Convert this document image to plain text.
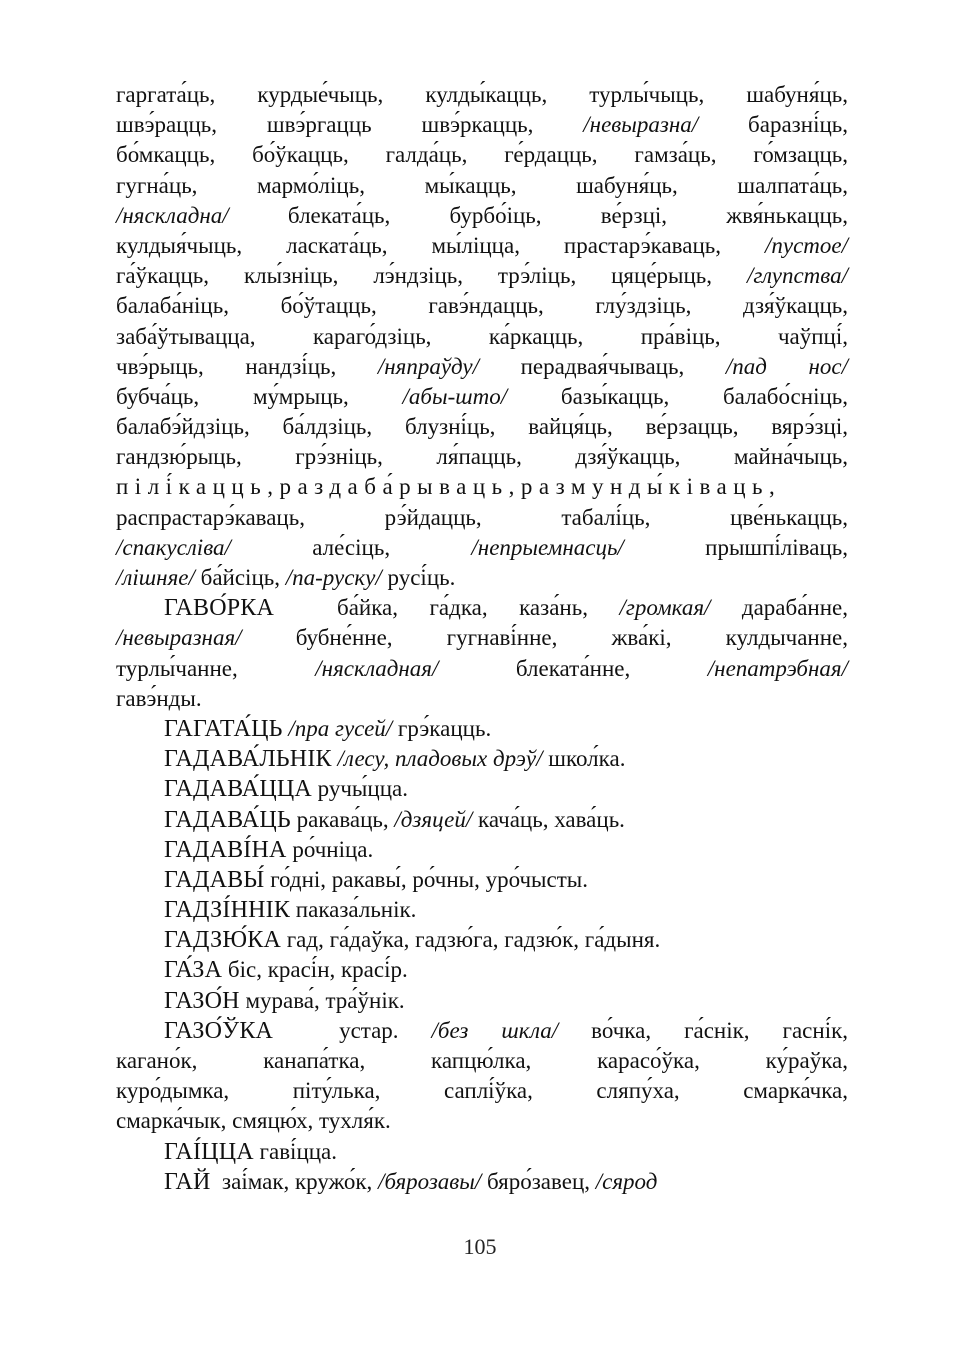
гаргата́ць, курдые́чыць, кулды́кацць, турлы́чыць, шабуня́ць,
швэ́рацць, швэ́ргацць швэ́ркацць, /невыразна/ баразні́ць,
бо́мкацць, бо́ўкацць, галда́ць, ге́рдацць, гамза́ць, го́мзацць,
гугна́ць, мармо́ліць, мы́кацць, шабуня́ць, шалпата́ць,
/няскладна/ блеката́ць, бурбо́іць, ве́рзці, жвя́нькацць,
кулдыя́чыць, ласката́ць, мы́ліцца, прастарэ́каваць, /пустое/
га́ўкацць, клы́зніць, лэ́ндзіць, трэ́ліць, цяце́рыць, /глупства/
балаба́ніць, бо́ўтацць, гавэ́ндацць, глу́здзіць, дзя́ўкацць,
заба́ўтывацца, караго́дзіць, ка́ркацць, пра́віць, чаўпці́,
чвэ́рыць, нандзі́ць, /няпраўду/ перадвая́чываць, /пад нос/
бубча́ць, му́мрыць, /абы-што/ базы́кацць, балабо́сніць,
балабэ́йдзіць, ба́лдзіць, блузні́ць, вайця́ць, ве́рзацць, вярэ́зці,
гандзю́рыць, грэ́зніць, ля́пацць, дзя́ўкацць, майна́чыць,
пілі́кацць,раздаба́рываць,размунды́ківаць,
распрастарэ́каваць, рэ́йдацць, табалі́ць, цве́нькацць,
/спакуслiва/ але́сіць, /непрыемнасць/ прышпі́ліваць,
/лішняе/ ба́йсіць, /па-руску/ русі́ць.
ГАВО́РКА	ба́йка, га́дка, каза́нь, /громкая/ дараба́нне,
/невыразная/ бубне́нне, гугнаві́нне, жва́кі, кулдычанне,
турлы́чанне, /нясклaдная/ блеката́нне, /непатрэбная/
гавэ́нды.
ГАГАТА́ЦЬ /пра гусей/ грэ́кацць.
ГАДАВА́ЛЬНІК /лесу, пладовых дрэў/ школ́ка.
ГАДАВА́ЦЦА ручы́цца.
ГАДАВА́ЦЬ ракава́ць, /дзяцей/ кача́ць, хава́ць.
ГАДАВІ́НА ро́чніца.
ГАДАВЫ́ го́дні, ракавы́, ро́чны, уро́чысты.
ГАДЗІ́ННІК паказа́льнік.
ГАДЗЮ́КА гад, га́даўка, гадзю́га, гадзю́к, га́дыня.
ГА́ЗА біс, красі́н, красі́р.
ГАЗО́Н мурава́, тра́ўнік.
ГАЗО́ЎКА	устар. /без шкла/ во́чка, га́снік, гасні́к,
кагано́к, канапа́тка, капцю́лка, карасо́ўка, ку́раўка,
куро́дымка, піту́лька, саплі́ўка, сляпу́ха, смарка́чка,
смарка́чык, смяцю́х, тухля́к.
ГАІ́ЦЦА гаві́цца.
ГАЙ заі́мак, кружо́к, /бярозавы/ бяро́завец, /сярод
105
